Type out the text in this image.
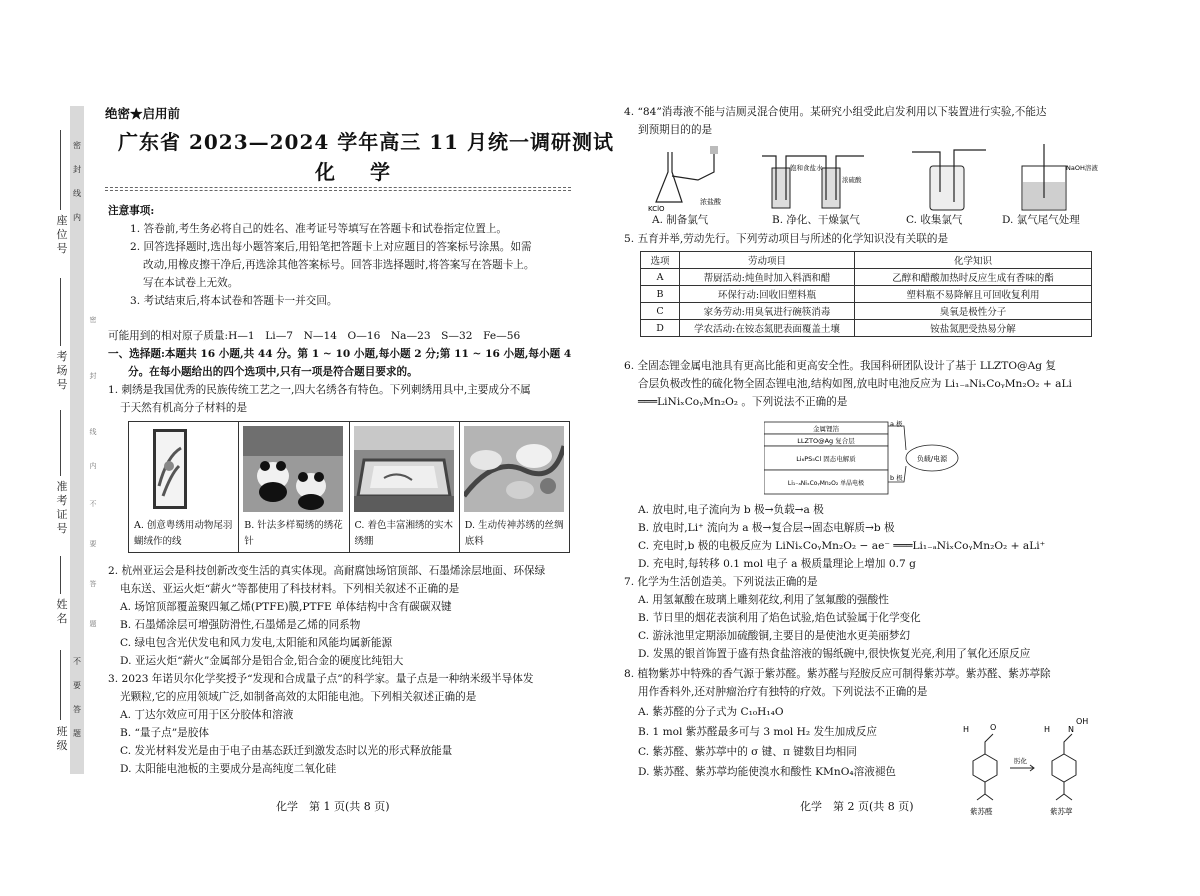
密
封
线
内
不
要
答
题
座位号
考场号
准考证号
姓名
班级
密
封
线
内
不
要
答
题
绝密★启用前
广东省 2023—2024 学年高三 11 月统一调研测试
化 学
注意事项:
1. 答卷前,考生务必将自己的姓名、准考证号等填写在答题卡和试卷指定位置上。
2. 回答选择题时,选出每小题答案后,用铅笔把答题卡上对应题目的答案标号涂黑。如需
改动,用橡皮擦干净后,再选涂其他答案标号。回答非选择题时,将答案写在答题卡上。
写在本试卷上无效。
3. 考试结束后,将本试卷和答题卡一并交回。
可能用到的相对原子质量:H—1　Li—7　N—14　O—16　Na—23　S—32　Fe—56
一、选择题:本题共 16 小题,共 44 分。第 1 ~ 10 小题,每小题 2 分;第 11 ~ 16 小题,每小题 4
分。在每小题给出的四个选项中,只有一项是符合题目要求的。
1. 刺绣是我国优秀的民族传统工艺之一,四大名绣各有特色。下列刺绣用具中,主要成分不属
于天然有机高分子材料的是
A. 创意粤绣用动物尾羽蝴绒作的线
B. 针法多样蜀绣的绣花针
C. 着色丰富湘绣的实木绣绷
D. 生动传神苏绣的丝绸底料
2. 杭州亚运会是科技创新改变生活的真实体现。高耐腐蚀场馆顶部、石墨烯涂层地面、环保绿
电东送、亚运火炬“薪火”等都使用了科技材料。下列相关叙述不正确的是
A. 场馆顶部覆盖聚四氟乙烯(PTFE)膜,PTFE 单体结构中含有碳碳双键
B. 石墨烯涂层可增强防滑性,石墨烯是乙烯的同系物
C. 绿电包含光伏发电和风力发电,太阳能和风能均属新能源
D. 亚运火炬“薪火”金属部分是铝合金,铝合金的硬度比纯铝大
3. 2023 年诺贝尔化学奖授予“发现和合成量子点”的科学家。量子点是一种纳米级半导体发
光颗粒,它的应用领域广泛,如制备高效的太阳能电池。下列相关叙述正确的是
A. 丁达尔效应可用于区分胶体和溶液
B. “量子点”是胶体
C. 发光材料发光是由于电子由基态跃迁到激发态时以光的形式释放能量
D. 太阳能电池板的主要成分是高纯度二氧化硅
化学　第 1 页(共 8 页)
4. “84”消毒液不能与洁厕灵混合使用。某研究小组受此启发利用以下装置进行实验,不能达
到预期目的的是
KClO
浓盐酸
A. 制备氯气
饱和食盐水
浓硫酸
B. 净化、干燥氯气	C. 收集氯气
NaOH溶液
D. 氯气尾气处理
5. 五育并举,劳动先行。下列劳动项目与所述的化学知识没有关联的是
选项	劳动项目	化学知识
A	帮厨活动:炖鱼时加入料酒和醋	乙醇和醋酸加热时反应生成有香味的酯
B	环保行动:回收旧塑料瓶	塑料瓶不易降解且可回收复利用
C	家务劳动:用臭氧进行碗筷消毒	臭氧是极性分子
D	学农活动:在铵态氮肥表面覆盖土壤	铵盐氮肥受热易分解
6. 全固态锂金属电池具有更高比能和更高安全性。我国科研团队设计了基于 LLZTO@Ag 复
合层负极改性的硫化物全固态锂电池,结构如图,放电时电池反应为 Li₁₋ₐNiₓCoᵧMn₂O₂ + aLi
═══LiNiₓCoᵧMn₂O₂ 。下列说法不正确的是
金属锂箔
LLZTO@Ag 复合层
Li₆PS₅Cl 固态电解质
Li₁₋ₐNiₓCoᵧMn₂O₂ 单晶电极
a 极
b 极
负载/电源
A. 放电时,电子流向为 b 极→负载→a 极
B. 放电时,Li⁺ 流向为 a 极→复合层→固态电解质→b 极
C. 充电时,b 极的电极反应为 LiNiₓCoᵧMn₂O₂ − ae⁻ ═══Li₁₋ₐNiₓCoᵧMn₂O₂ + aLi⁺
D. 充电时,每转移 0.1 mol 电子 a 极质量理论上增加 0.7 g
7. 化学为生活创造美。下列说法正确的是
A. 用氢氟酸在玻璃上雕刻花纹,利用了氢氟酸的强酸性
B. 节日里的烟花表演利用了焰色试验,焰色试验属于化学变化
C. 游泳池里定期添加硫酸铜,主要目的是使池水更美丽梦幻
D. 发黑的银首饰置于盛有热食盐溶液的锡纸碗中,很快恢复光亮,利用了氧化还原反应
8. 植物紫苏中特殊的香气源于紫苏醛。紫苏醛与羟胺反应可制得紫苏葶。紫苏醛、紫苏葶除
用作香料外,还对肿瘤治疗有独特的疗效。下列说法不正确的是
A. 紫苏醛的分子式为 C₁₀H₁₄O
B. 1 mol 紫苏醛最多可与 3 mol H₂ 发生加成反应
C. 紫苏醛、紫苏葶中的 σ 键、π 键数目均相同
D. 紫苏醛、紫苏葶均能使溴水和酸性 KMnO₄溶液褪色
H	O
肟化
H N
OH
紫苏醛	紫苏葶
化学　第 2 页(共 8 页)
